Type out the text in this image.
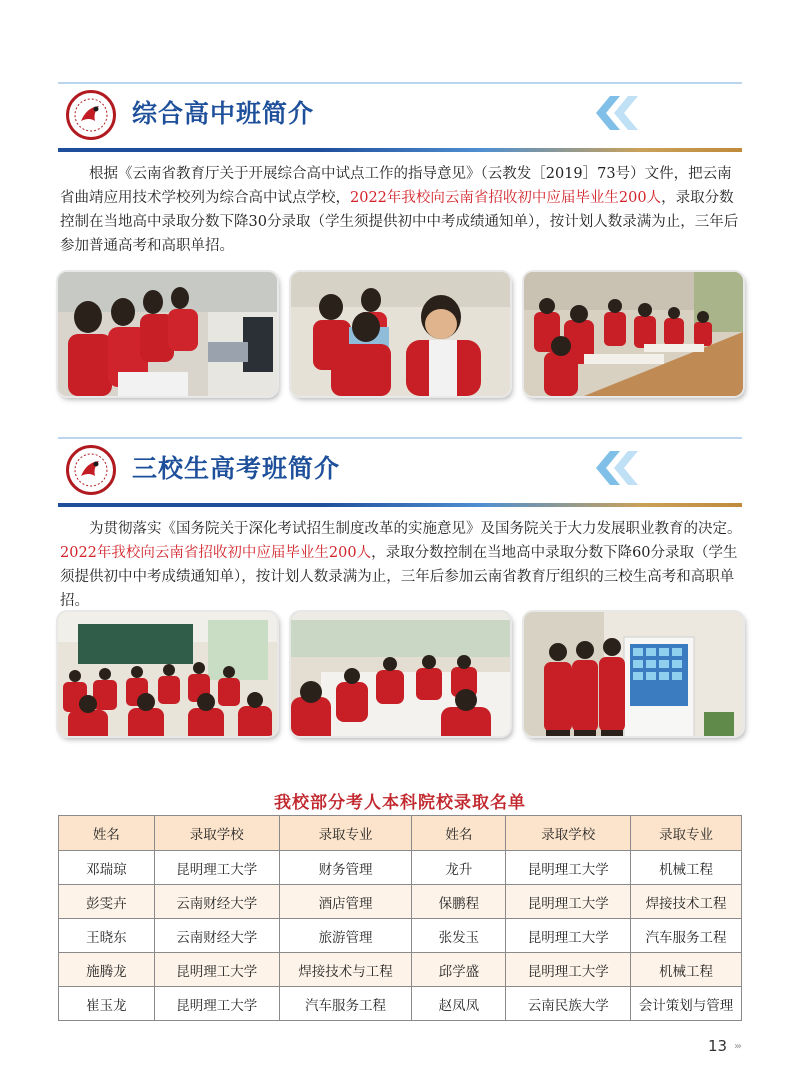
综合高中班简介

根据《云南省教育厅关于开展综合高中试点工作的指导意见》（云教发［2019］73号）文件，把云南省曲靖应用技术学校列为综合高中试点学校，2022年我校向云南省招收初中应届毕业生200人，录取分数控制在当地高中录取分数下降30分录取（学生须提供初中中考成绩通知单），按计划人数录满为止，三年后参加普通高考和高职单招。

三校生高考班简介

为贯彻落实《国务院关于深化考试招生制度改革的实施意见》及国务院关于大力发展职业教育的决定。2022年我校向云南省招收初中应届毕业生200人，录取分数控制在当地高中录取分数下降60分录取（学生须提供初中中考成绩通知单），按计划人数录满为止，三年后参加云南省教育厅组织的三校生高考和高职单招。

我校部分考人本科院校录取名单
姓名	录取学校	录取专业	姓名	录取学校	录取专业
邓瑞琼	昆明理工大学	财务管理	龙升	昆明理工大学	机械工程
彭雯卉	云南财经大学	酒店管理	保鹏程	昆明理工大学	焊接技术工程
王晓东	云南财经大学	旅游管理	张发玉	昆明理工大学	汽车服务工程
施腾龙	昆明理工大学	焊接技术与工程	邱学盛	昆明理工大学	机械工程
崔玉龙	昆明理工大学	汽车服务工程	赵凤凤	云南民族大学	会计策划与管理
13 ›››
